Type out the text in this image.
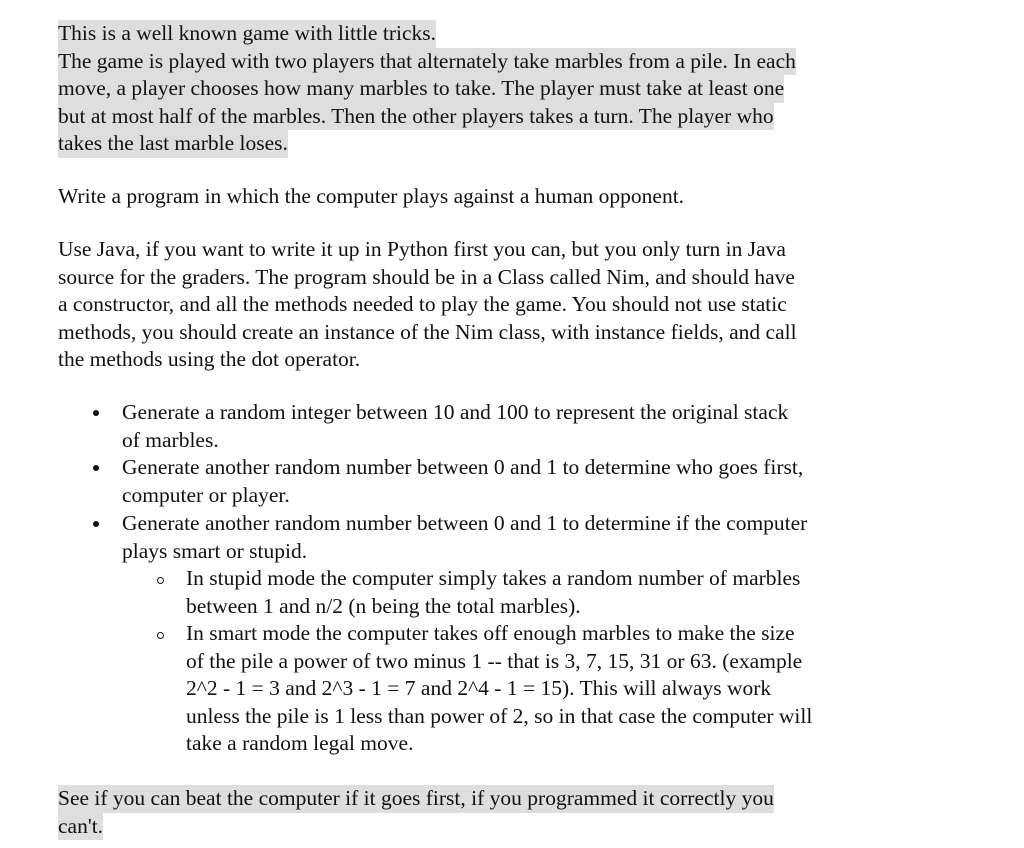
This is a well known game with little tricks.
The game is played with two players that alternately take marbles from a pile. In each
move, a player chooses how many marbles to take. The player must take at least one
but at most half of the marbles. Then the other players takes a turn. The player who
takes the last marble loses.
Write a program in which the computer plays against a human opponent.
Use Java, if you want to write it up in Python first you can, but you only turn in Java
source for the graders. The program should be in a Class called Nim, and should have
a constructor, and all the methods needed to play the game. You should not use static
methods, you should create an instance of the Nim class, with instance fields, and call
the methods using the dot operator.
Generate a random integer between 10 and 100 to represent the original stack
of marbles.
Generate another random number between 0 and 1 to determine who goes first,
computer or player.
Generate another random number between 0 and 1 to determine if the computer
plays smart or stupid.
In stupid mode the computer simply takes a random number of marbles
between 1 and n/2 (n being the total marbles).
In smart mode the computer takes off enough marbles to make the size
of the pile a power of two minus 1 -- that is 3, 7, 15, 31 or 63. (example
2^2 - 1 = 3 and 2^3 - 1 = 7 and 2^4 - 1 = 15). This will always work
unless the pile is 1 less than power of 2, so in that case the computer will
take a random legal move.
See if you can beat the computer if it goes first, if you programmed it correctly you
can't.
